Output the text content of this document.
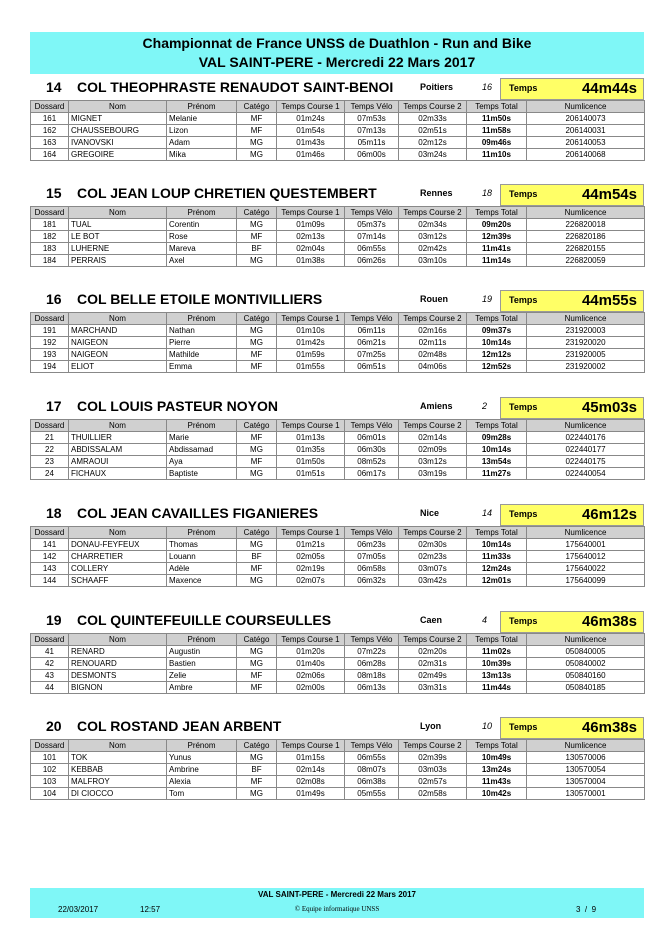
Championnat de France UNSS de Duathlon - Run and Bike
VAL SAINT-PERE - Mercredi 22 Mars 2017
14 COL THEOPHRASTE RENAUDOT SAINT-BENOI	Poitiers	16 Temps	44m44s
Dossard	Nom	Prénom	Catégo	Temps Course 1	Temps Vélo	Temps Course 2	Temps Total	Numlicence
161	MIGNET	Melanie	MF	01m24s	07m53s	02m33s	11m50s	206140073
162	CHAUSSEBOURG	Lizon	MF	01m54s	07m13s	02m51s	11m58s	206140031
163	IVANOVSKI	Adam	MG	01m43s	05m11s	02m12s	09m46s	206140053
164	GREGOIRE	Mika	MG	01m46s	06m00s	03m24s	11m10s	206140068
15 COL JEAN LOUP CHRETIEN QUESTEMBERT	Rennes	18 Temps	44m54s
Dossard	Nom	Prénom	Catégo	Temps Course 1	Temps Vélo	Temps Course 2	Temps Total	Numlicence
181	TUAL	Corentin	MG	01m09s	05m37s	02m34s	09m20s	226820018
182	LE BOT	Rose	MF	02m13s	07m14s	03m12s	12m39s	226820186
183	LUHERNE	Mareva	BF	02m04s	06m55s	02m42s	11m41s	226820155
184	PERRAIS	Axel	MG	01m38s	06m26s	03m10s	11m14s	226820059
16 COL BELLE ETOILE MONTIVILLIERS	Rouen	19 Temps	44m55s
Dossard	Nom	Prénom	Catégo	Temps Course 1	Temps Vélo	Temps Course 2	Temps Total	Numlicence
191	MARCHAND	Nathan	MG	01m10s	06m11s	02m16s	09m37s	231920003
192	NAIGEON	Pierre	MG	01m42s	06m21s	02m11s	10m14s	231920020
193	NAIGEON	Mathilde	MF	01m59s	07m25s	02m48s	12m12s	231920005
194	ELIOT	Emma	MF	01m55s	06m51s	04m06s	12m52s	231920002
17 COL LOUIS PASTEUR NOYON	Amiens	2 Temps	45m03s
Dossard	Nom	Prénom	Catégo	Temps Course 1	Temps Vélo	Temps Course 2	Temps Total	Numlicence
21	THUILLIER	Marie	MF	01m13s	06m01s	02m14s	09m28s	022440176
22	ABDISSALAM	Abdissamad	MG	01m35s	06m30s	02m09s	10m14s	022440177
23	AMRAOUI	Aya	MF	01m50s	08m52s	03m12s	13m54s	022440175
24	FICHAUX	Baptiste	MG	01m51s	06m17s	03m19s	11m27s	022440054
18 COL JEAN CAVAILLES FIGANIERES	Nice	14 Temps	46m12s
Dossard	Nom	Prénom	Catégo	Temps Course 1	Temps Vélo	Temps Course 2	Temps Total	Numlicence
141	DONAU-FEYFEUX	Thomas	MG	01m21s	06m23s	02m30s	10m14s	175640001
142	CHARRETIER	Louann	BF	02m05s	07m05s	02m23s	11m33s	175640012
143	COLLERY	Adèle	MF	02m19s	06m58s	03m07s	12m24s	175640022
144	SCHAAFF	Maxence	MG	02m07s	06m32s	03m42s	12m01s	175640099
19 COL QUINTEFEUILLE COURSEULLES	Caen	4 Temps	46m38s
Dossard	Nom	Prénom	Catégo	Temps Course 1	Temps Vélo	Temps Course 2	Temps Total	Numlicence
41	RENARD	Augustin	MG	01m20s	07m22s	02m20s	11m02s	050840005
42	RENOUARD	Bastien	MG	01m40s	06m28s	02m31s	10m39s	050840002
43	DESMONTS	Zelie	MF	02m06s	08m18s	02m49s	13m13s	050840160
44	BIGNON	Ambre	MF	02m00s	06m13s	03m31s	11m44s	050840185
20 COL ROSTAND JEAN ARBENT	Lyon	10 Temps	46m38s
Dossard	Nom	Prénom	Catégo	Temps Course 1	Temps Vélo	Temps Course 2	Temps Total	Numlicence
101	TOK	Yunus	MG	01m15s	06m55s	02m39s	10m49s	130570006
102	KEBBAB	Ambrine	BF	02m14s	08m07s	03m03s	13m24s	130570054
103	MALFROY	Alexia	MF	02m08s	06m38s	02m57s	11m43s	130570004
104	DI CIOCCO	Tom	MG	01m49s	05m55s	02m58s	10m42s	130570001
VAL SAINT-PERE - Mercredi 22 Mars 2017
22/03/2017	12:57	© Equipe informatique UNSS	3 / 9
